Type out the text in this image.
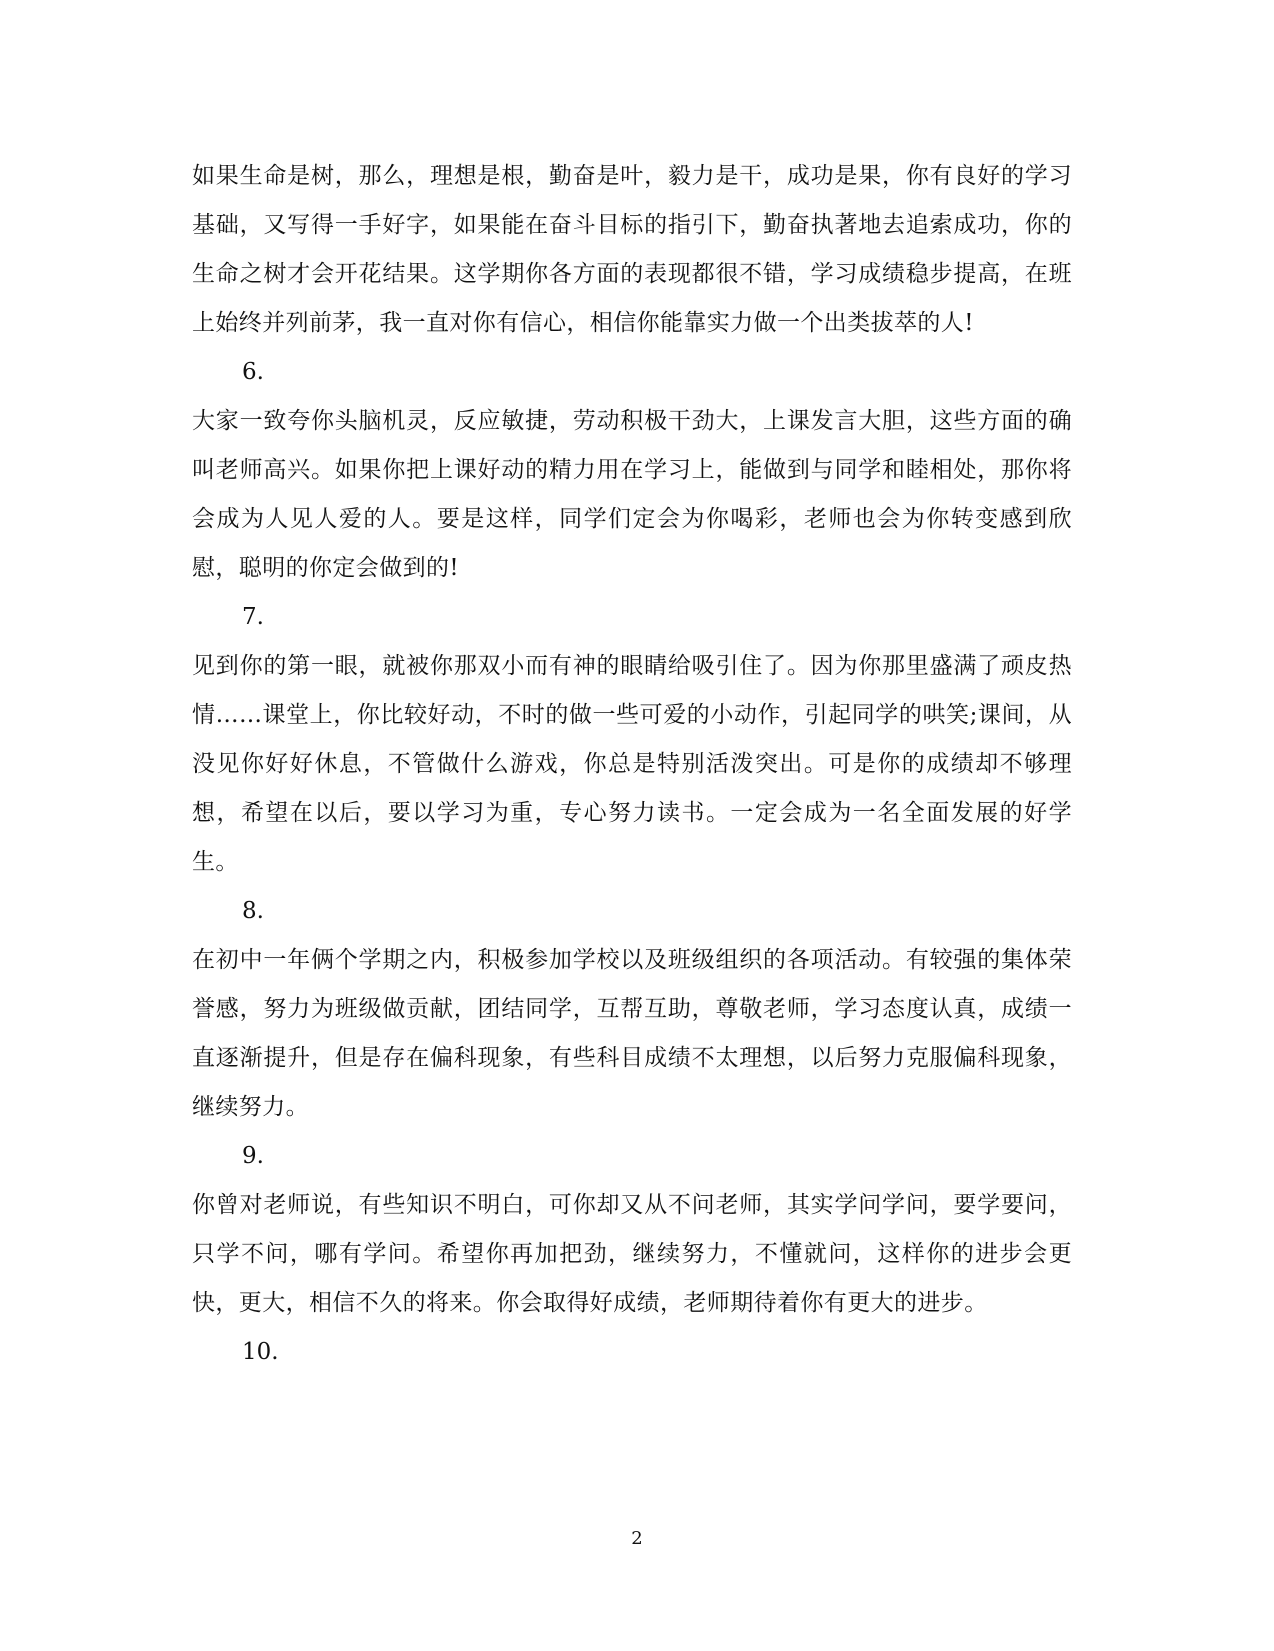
如果生命是树，那么，理想是根，勤奋是叶，毅力是干，成功是果，你有良好的学习基础，又写得一手好字，如果能在奋斗目标的指引下，勤奋执著地去追索成功，你的生命之树才会开花结果。这学期你各方面的表现都很不错，学习成绩稳步提高，在班上始终并列前茅，我一直对你有信心，相信你能靠实力做一个出类拔萃的人!

6.

大家一致夸你头脑机灵，反应敏捷，劳动积极干劲大，上课发言大胆，这些方面的确叫老师高兴。如果你把上课好动的精力用在学习上，能做到与同学和睦相处，那你将会成为人见人爱的人。要是这样，同学们定会为你喝彩，老师也会为你转变感到欣慰，聪明的你定会做到的!

7.

见到你的第一眼，就被你那双小而有神的眼睛给吸引住了。因为你那里盛满了顽皮热情……课堂上，你比较好动，不时的做一些可爱的小动作，引起同学的哄笑;课间，从没见你好好休息，不管做什么游戏，你总是特别活泼突出。可是你的成绩却不够理想，希望在以后，要以学习为重，专心努力读书。一定会成为一名全面发展的好学生。

8.

在初中一年俩个学期之内，积极参加学校以及班级组织的各项活动。有较强的集体荣誉感，努力为班级做贡献，团结同学，互帮互助，尊敬老师，学习态度认真，成绩一直逐渐提升，但是存在偏科现象，有些科目成绩不太理想，以后努力克服偏科现象，继续努力。

9.

你曾对老师说，有些知识不明白，可你却又从不问老师，其实学问学问，要学要问，只学不问，哪有学问。希望你再加把劲，继续努力，不懂就问，这样你的进步会更快，更大，相信不久的将来。你会取得好成绩，老师期待着你有更大的进步。

10.

2
